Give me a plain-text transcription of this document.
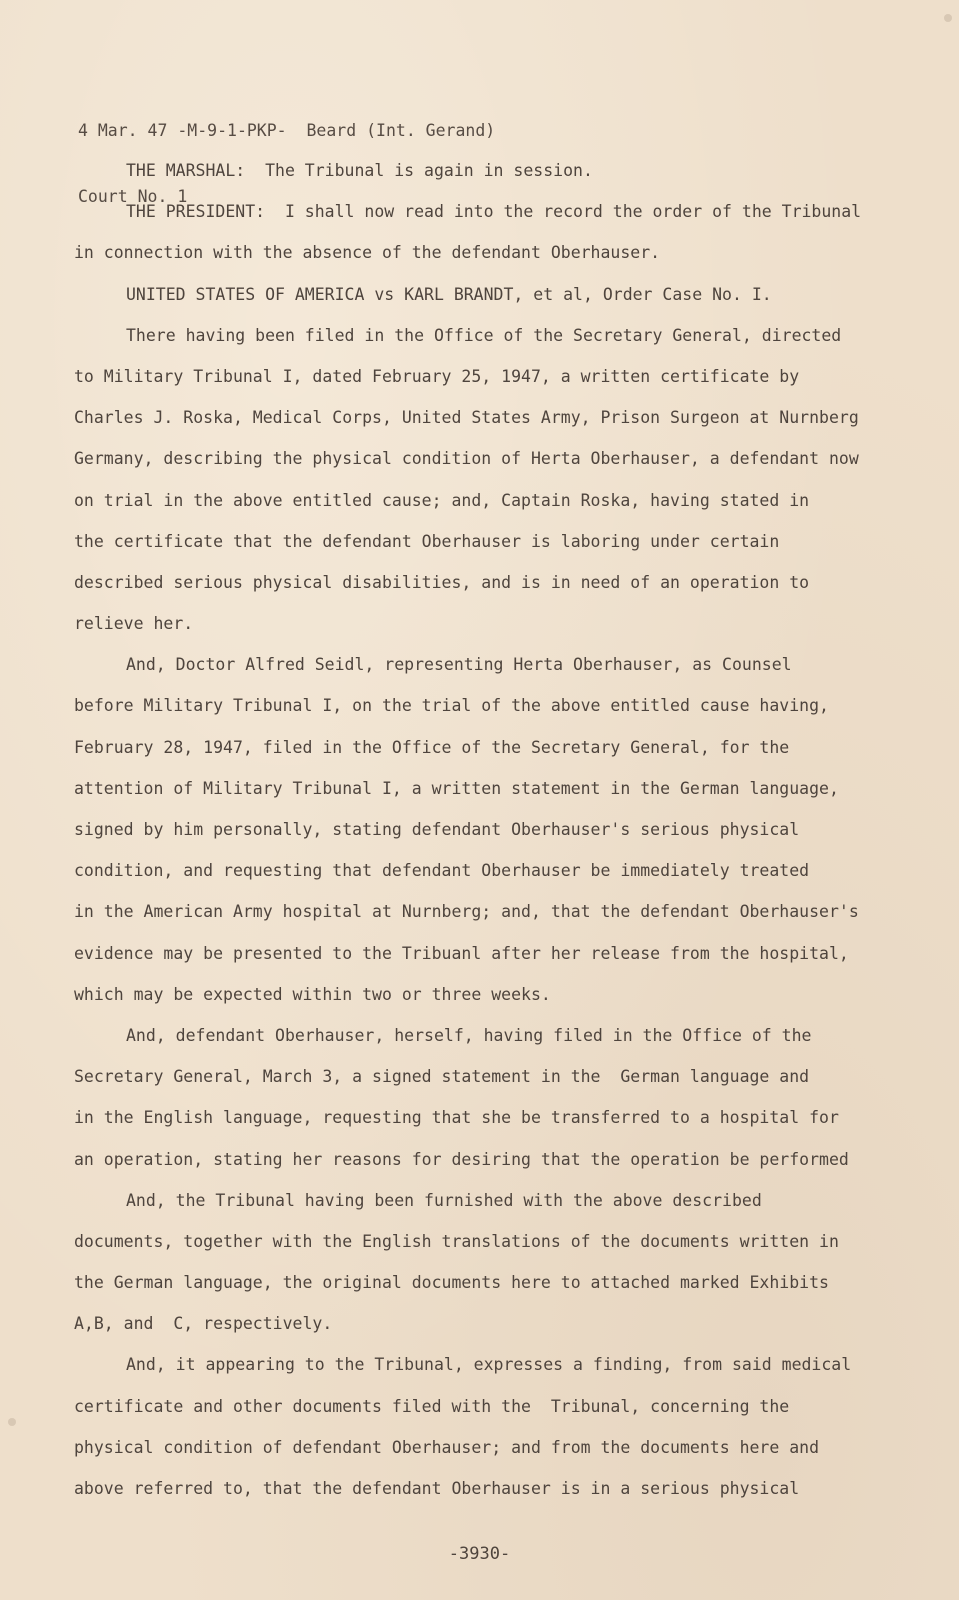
4 Mar. 47 -M-9-1-PKP-  Beard (Int. Gerand)

Court No. 1

THE MARSHAL:  The Tribunal is again in session.
THE PRESIDENT:  I shall now read into the record the order of the Tribunal
in connection with the absence of the defendant Oberhauser.
UNITED STATES OF AMERICA vs KARL BRANDT, et al, Order Case No. I.
There having been filed in the Office of the Secretary General, directed
to Military Tribunal I, dated February 25, 1947, a written certificate by
Charles J. Roska, Medical Corps, United States Army, Prison Surgeon at Nurnberg
Germany, describing the physical condition of Herta Oberhauser, a defendant now
on trial in the above entitled cause; and, Captain Roska, having stated in
the certificate that the defendant Oberhauser is laboring under certain
described serious physical disabilities, and is in need of an operation to
relieve her.
And, Doctor Alfred Seidl, representing Herta Oberhauser, as Counsel
before Military Tribunal I, on the trial of the above entitled cause having,
February 28, 1947, filed in the Office of the Secretary General, for the
attention of Military Tribunal I, a written statement in the German language,
signed by him personally, stating defendant Oberhauser's serious physical
condition, and requesting that defendant Oberhauser be immediately treated
in the American Army hospital at Nurnberg; and, that the defendant Oberhauser's
evidence may be presented to the Tribuanl after her release from the hospital,
which may be expected within two or three weeks.
And, defendant Oberhauser, herself, having filed in the Office of the
Secretary General, March 3, a signed statement in the  German language and
in the English language, requesting that she be transferred to a hospital for
an operation, stating her reasons for desiring that the operation be performed
And, the Tribunal having been furnished with the above described
documents, together with the English translations of the documents written in
the German language, the original documents here to attached marked Exhibits
A,B, and  C, respectively.
And, it appearing to the Tribunal, expresses a finding, from said medical
certificate and other documents filed with the  Tribunal, concerning the
physical condition of defendant Oberhauser; and from the documents here and
above referred to, that the defendant Oberhauser is in a serious physical
-3930-
